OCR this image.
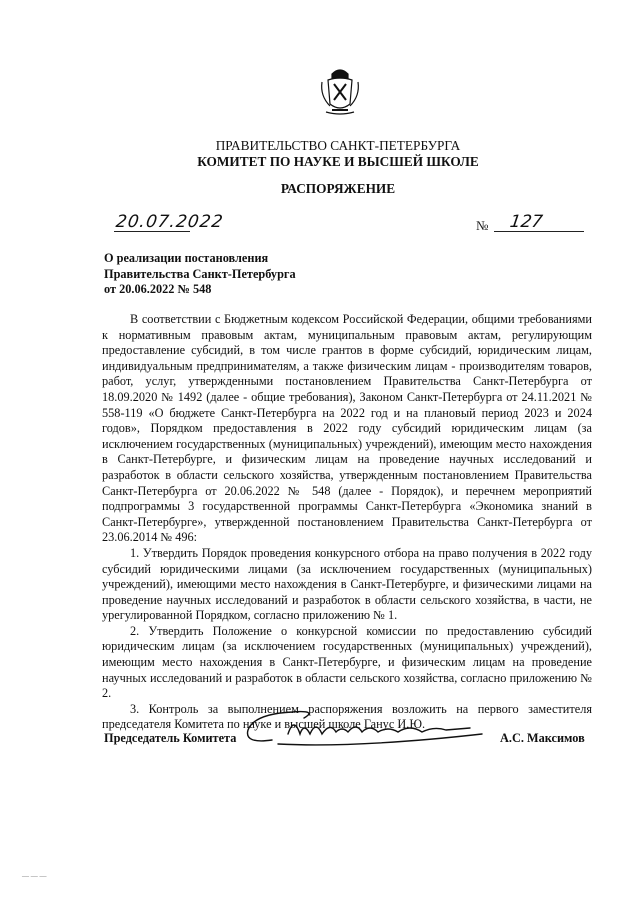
ПРАВИТЕЛЬСТВО САНКТ-ПЕТЕРБУРГА
КОМИТЕТ ПО НАУКЕ И ВЫСШЕЙ ШКОЛЕ
РАСПОРЯЖЕНИЕ
20.07.2022	№ 127
О реализации постановления
Правительства Санкт-Петербурга
от 20.06.2022 № 548

В соответствии с Бюджетным кодексом Российской Федерации, общими требованиями к нормативным правовым актам, муниципальным правовым актам, регулирующим предоставление субсидий, в том числе грантов в форме субсидий, юридическим лицам, индивидуальным предпринимателям, а также физическим лицам - производителям товаров, работ, услуг, утвержденными постановлением Правительства Санкт-Петербурга от 18.09.2020 № 1492 (далее - общие требования), Законом Санкт-Петербурга от 24.11.2021 № 558-119 «О бюджете Санкт-Петербурга на 2022 год и на плановый период 2023 и 2024 годов», Порядком предоставления в 2022 году субсидий юридическим лицам (за исключением государственных (муниципальных) учреждений), имеющим место нахождения в Санкт-Петербурге, и физическим лицам на проведение научных исследований и разработок в области сельского хозяйства, утвержденным постановлением Правительства Санкт-Петербурга от 20.06.2022 № 548 (далее - Порядок), и перечнем мероприятий подпрограммы 3 государственной программы Санкт-Петербурга «Экономика знаний в Санкт-Петербурге», утвержденной постановлением Правительства Санкт-Петербурга от 23.06.2014 № 496:

1. Утвердить Порядок проведения конкурсного отбора на право получения в 2022 году субсидий юридическими лицами (за исключением государственных (муниципальных) учреждений), имеющими место нахождения в Санкт-Петербурге, и физическими лицами на проведение научных исследований и разработок в области сельского хозяйства, в части, не урегулированной Порядком, согласно приложению № 1.

2. Утвердить Положение о конкурсной комиссии по предоставлению субсидий юридическим лицам (за исключением государственных (муниципальных) учреждений), имеющим место нахождения в Санкт-Петербурге, и физическим лицам на проведение научных исследований и разработок в области сельского хозяйства, согласно приложению № 2.

3. Контроль за выполнением распоряжения возложить на первого заместителя председателя Комитета по науке и высшей школе Ганус И.Ю.

Председатель Комитета	А.С. Максимов
— — —
